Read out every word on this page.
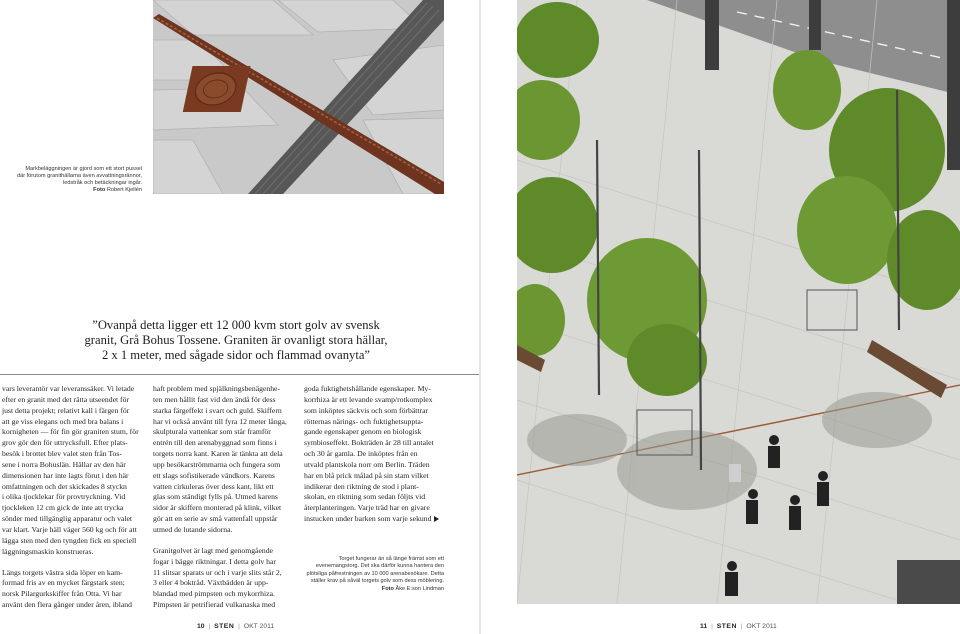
Markbeläggningen är gjord som ett stort pussel
där förutom granithällarna även avvattningsrännor,
ledstråk och betäckningar ingår.
Foto Robert Kjellén
”Ovanpå detta ligger ett 12 000 kvm stort golv av svensk
granit, Grå Bohus Tossene. Graniten är ovanligt stora hällar,
2 x 1 meter, med sågade sidor och flammad ovanyta”
vars leverantör var leveranssäker. Vi letade
efter en granit med det rätta utseendet för
just detta projekt; relativt kall i färgen för
att ge viss elegans och med bra balans i
kornigheten — för fin gör graniten stum, för
grov gör den för uttrycksfull. Efter plats-
besök i brottet blev valet sten från Tos-
sene i norra Bohuslän. Hällar av den här
dimensionen har inte lagts förut i den här
omfattningen och det skickades 8 styckn
i olika tjocklekar för provtryckning. Vid
tjockleken 12 cm gick de inte att trycka
sönder med tillgänglig apparatur och valet
var klart. Varje häll väger 560 kg och för att
lägga sten med den tyngden fick en speciell
läggningsmaskin konstrueras.
Längs torgets västra sida löper en kam-
formad fris av en mycket färgstark sten;
norsk Pilargurkskiffer från Otta. Vi har
använt den flera gånger under åren, ibland
haft problem med spjälkningsbenägenhe-
ten men hållit fast vid den ändå för dess
starka färgeffekt i svart och guld. Skiffern
har vi också använt till fyra 12 meter långa,
skulpturala vattenkar som står framför
entrén till den arenabyggnad som finns i
torgets norra kant. Karen är tänkta att dela
upp besökarströmmarna och fungera som
ett slags sofistikerade vändkors. Karens
vatten cirkuleras över dess kant, likt ett
glas som ständigt fylls på. Utmed karens
sidor är skiffern monterad på klink, vilket
gör att en serie av små vattenfall uppstår
utmed de lutande sidorna.
Granitgolvet är lagt med genomgående
fogar i bägge riktningar. I detta golv har
11 slitsar sparats ur och i varje slits står 2,
3 eller 4 boktråd. Växtbädden är upp-
blandad med pimpsten och mykorrhiza.
Pimpsten är petrifierad vulkanaska med
goda fuktighetshållande egenskaper. My-
korrhiza är ett levande svamp/rotkomplex
som inköptes säckvis och som förbättrar
rötternas närings- och fuktighetsuppta-
gande egenskaper genom en biologisk
symbioseffekt. Bokträden är 28 till antalet
och 30 år gamla. De inköptes från en
utvald plantskola norr om Berlin. Träden
har en blå prick målad på sin stam vilket
indikerar den riktning de stod i plant-
skolan, en riktning som sedan följts vid
återplanteringen. Varje träd har en givare
instucken under barken som varje sekund
Torget fungerar än så länge främst som ett
evenemangstorg. Det ska därför kunna hantera den
plötsliga påfrestningen av 10 000 arenabesökare. Detta
ställer krav på såväl torgets golv som dess möblering.
Foto Åke E:son Lindman
10 | STEN | OKT 2011	11 | STEN | OKT 2011
